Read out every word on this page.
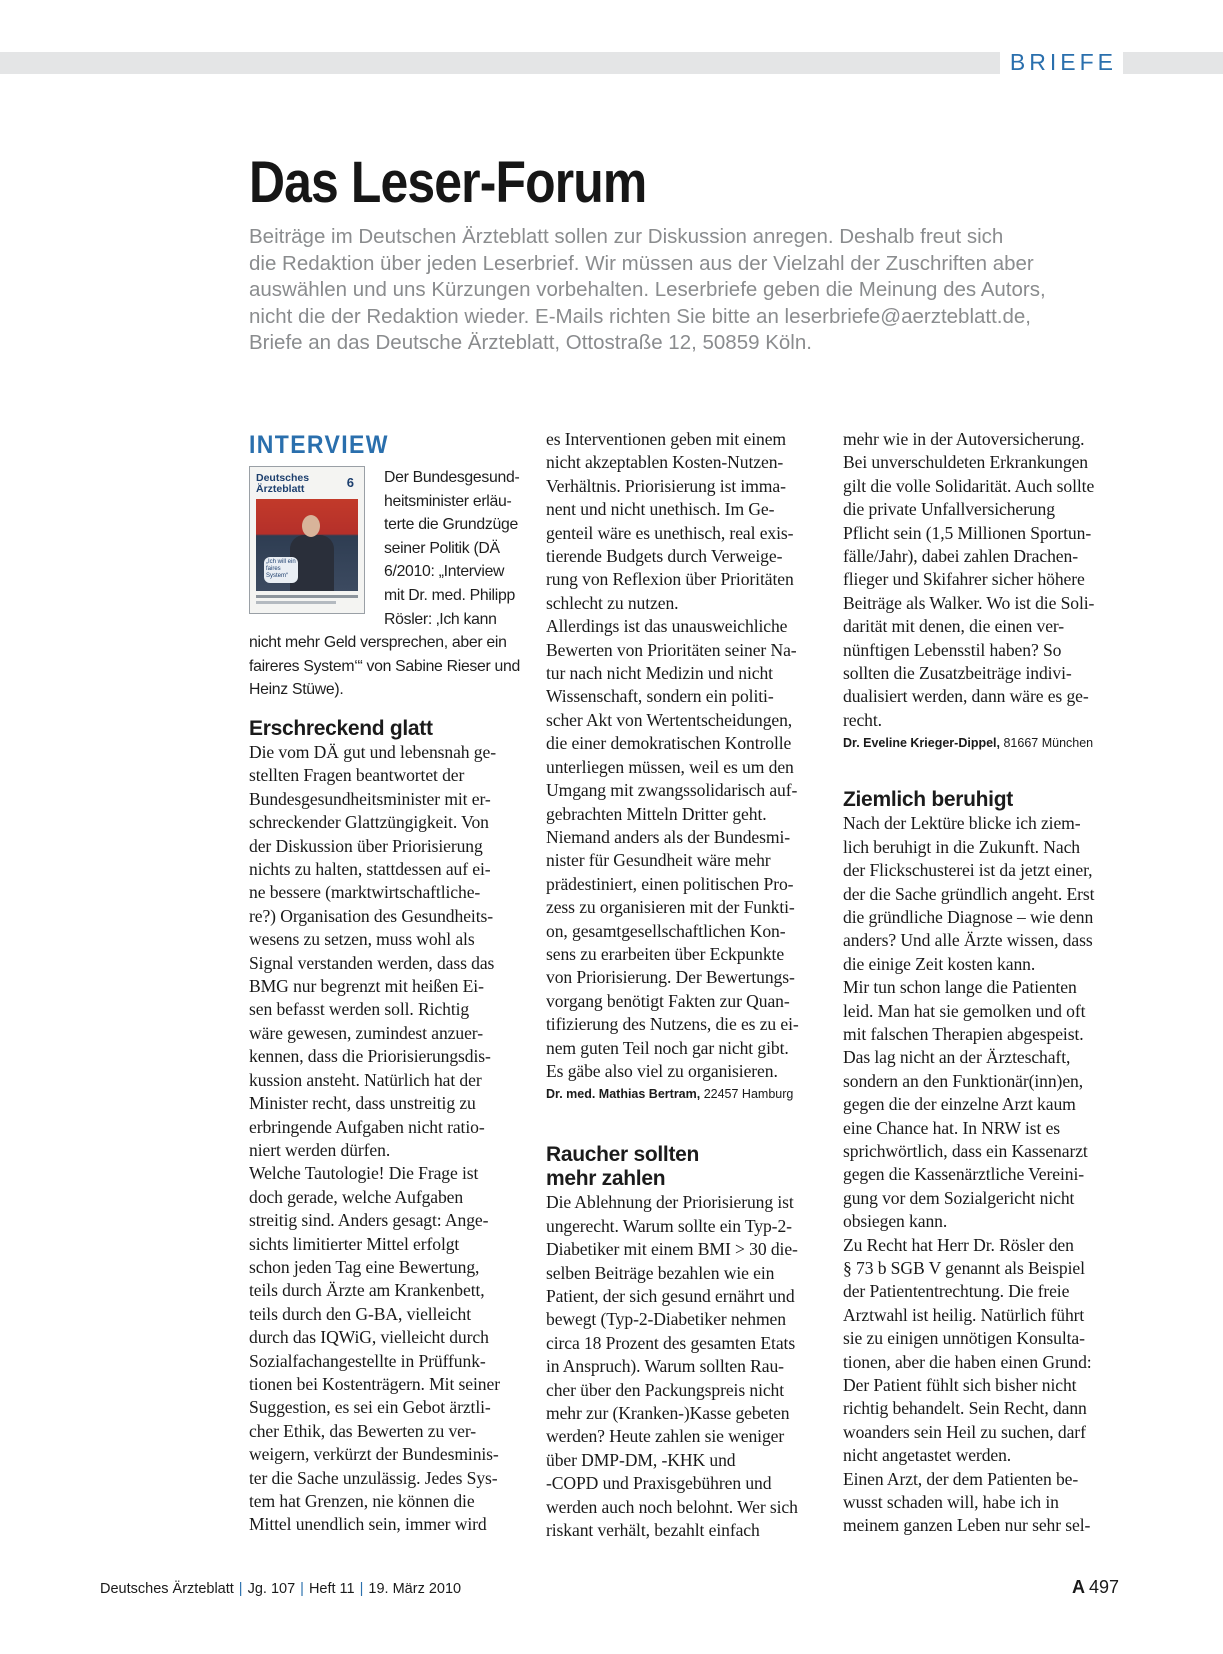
BRIEFE
Das Leser-Forum
Beiträge im Deutschen Ärzteblatt sollen zur Diskussion anregen. Deshalb freut sich
die Redaktion über jeden Leserbrief. Wir müssen aus der Vielzahl der Zuschriften aber
auswählen und uns Kürzungen vorbehalten. Leserbriefe geben die Meinung des Autors,
nicht die der Redaktion wieder. E-Mails richten Sie bitte an leserbriefe@aerzteblatt.de,
Briefe an das Deutsche Ärzteblatt, Ottostraße 12, 50859 Köln.
INTERVIEW
Deutsches Ärzteblatt	6
„Ich will ein faires System“
Der Bundesgesund-
heitsminister erläu-
terte die Grundzüge
seiner Politik (DÄ
6/2010: „Interview
mit Dr. med. Philipp
Rösler: ‚Ich kann
nicht mehr Geld versprechen, aber ein
faireres System‘“ von Sabine Rieser und
Heinz Stüwe).
Erschreckend glatt
Die vom DÄ gut und lebensnah ge-
stellten Fragen beantwortet der
Bundesgesundheitsminister mit er-
schreckender Glattzüngigkeit. Von
der Diskussion über Priorisierung
nichts zu halten, stattdessen auf ei-
ne bessere (marktwirtschaftliche-
re?) Organisation des Gesundheits-
wesens zu setzen, muss wohl als
Signal verstanden werden, dass das
BMG nur begrenzt mit heißen Ei-
sen befasst werden soll. Richtig
wäre gewesen, zumindest anzuer-
kennen, dass die Priorisierungsdis-
kussion ansteht. Natürlich hat der
Minister recht, dass unstreitig zu
erbringende Aufgaben nicht ratio-
niert werden dürfen.
Welche Tautologie! Die Frage ist
doch gerade, welche Aufgaben
streitig sind. Anders gesagt: Ange-
sichts limitierter Mittel erfolgt
schon jeden Tag eine Bewertung,
teils durch Ärzte am Krankenbett,
teils durch den G-BA, vielleicht
durch das IQWiG, vielleicht durch
Sozialfachangestellte in Prüffunk-
tionen bei Kostenträgern. Mit seiner
Suggestion, es sei ein Gebot ärztli-
cher Ethik, das Bewerten zu ver-
weigern, verkürzt der Bundesminis-
ter die Sache unzulässig. Jedes Sys-
tem hat Grenzen, nie können die
Mittel unendlich sein, immer wird
es Interventionen geben mit einem
nicht akzeptablen Kosten-Nutzen-
Verhältnis. Priorisierung ist imma-
nent und nicht unethisch. Im Ge-
genteil wäre es unethisch, real exis-
tierende Budgets durch Verweige-
rung von Reflexion über Prioritäten
schlecht zu nutzen.
Allerdings ist das unausweichliche
Bewerten von Prioritäten seiner Na-
tur nach nicht Medizin und nicht
Wissenschaft, sondern ein politi-
scher Akt von Wertentscheidungen,
die einer demokratischen Kontrolle
unterliegen müssen, weil es um den
Umgang mit zwangssolidarisch auf-
gebrachten Mitteln Dritter geht.
Niemand anders als der Bundesmi-
nister für Gesundheit wäre mehr
prädestiniert, einen politischen Pro-
zess zu organisieren mit der Funkti-
on, gesamtgesellschaftlichen Kon-
sens zu erarbeiten über Eckpunkte
von Priorisierung. Der Bewertungs-
vorgang benötigt Fakten zur Quan-
tifizierung des Nutzens, die es zu ei-
nem guten Teil noch gar nicht gibt.
Es gäbe also viel zu organisieren.
Dr. med. Mathias Bertram, 22457 Hamburg
Raucher sollten
mehr zahlen
Die Ablehnung der Priorisierung ist
ungerecht. Warum sollte ein Typ-2-
Diabetiker mit einem BMI > 30 die-
selben Beiträge bezahlen wie ein
Patient, der sich gesund ernährt und
bewegt (Typ-2-Diabetiker nehmen
circa 18 Prozent des gesamten Etats
in Anspruch). Warum sollten Rau-
cher über den Packungspreis nicht
mehr zur (Kranken-)Kasse gebeten
werden? Heute zahlen sie weniger
über DMP-DM, -KHK und
-COPD und Praxisgebühren und
werden auch noch belohnt. Wer sich
riskant verhält, bezahlt einfach
mehr wie in der Autoversicherung.
Bei unverschuldeten Erkrankungen
gilt die volle Solidarität. Auch sollte
die private Unfallversicherung
Pflicht sein (1,5 Millionen Sportun-
fälle/Jahr), dabei zahlen Drachen-
flieger und Skifahrer sicher höhere
Beiträge als Walker. Wo ist die Soli-
darität mit denen, die einen ver-
nünftigen Lebensstil haben? So
sollten die Zusatzbeiträge indivi-
dualisiert werden, dann wäre es ge-
recht.
Dr. Eveline Krieger-Dippel, 81667 München
Ziemlich beruhigt
Nach der Lektüre blicke ich ziem-
lich beruhigt in die Zukunft. Nach
der Flickschusterei ist da jetzt einer,
der die Sache gründlich angeht. Erst
die gründliche Diagnose – wie denn
anders? Und alle Ärzte wissen, dass
die einige Zeit kosten kann.
Mir tun schon lange die Patienten
leid. Man hat sie gemolken und oft
mit falschen Therapien abgespeist.
Das lag nicht an der Ärzteschaft,
sondern an den Funktionär(inn)en,
gegen die der einzelne Arzt kaum
eine Chance hat. In NRW ist es
sprichwörtlich, dass ein Kassenarzt
gegen die Kassenärztliche Vereini-
gung vor dem Sozialgericht nicht
obsiegen kann.
Zu Recht hat Herr Dr. Rösler den
§ 73 b SGB V genannt als Beispiel
der Patiententrechtung. Die freie
Arztwahl ist heilig. Natürlich führt
sie zu einigen unnötigen Konsulta-
tionen, aber die haben einen Grund:
Der Patient fühlt sich bisher nicht
richtig behandelt. Sein Recht, dann
woanders sein Heil zu suchen, darf
nicht angetastet werden.
Einen Arzt, der dem Patienten be-
wusst schaden will, habe ich in
meinem ganzen Leben nur sehr sel-
Deutsches Ärzteblatt | Jg. 107 | Heft 11 | 19. März 2010	A 497
